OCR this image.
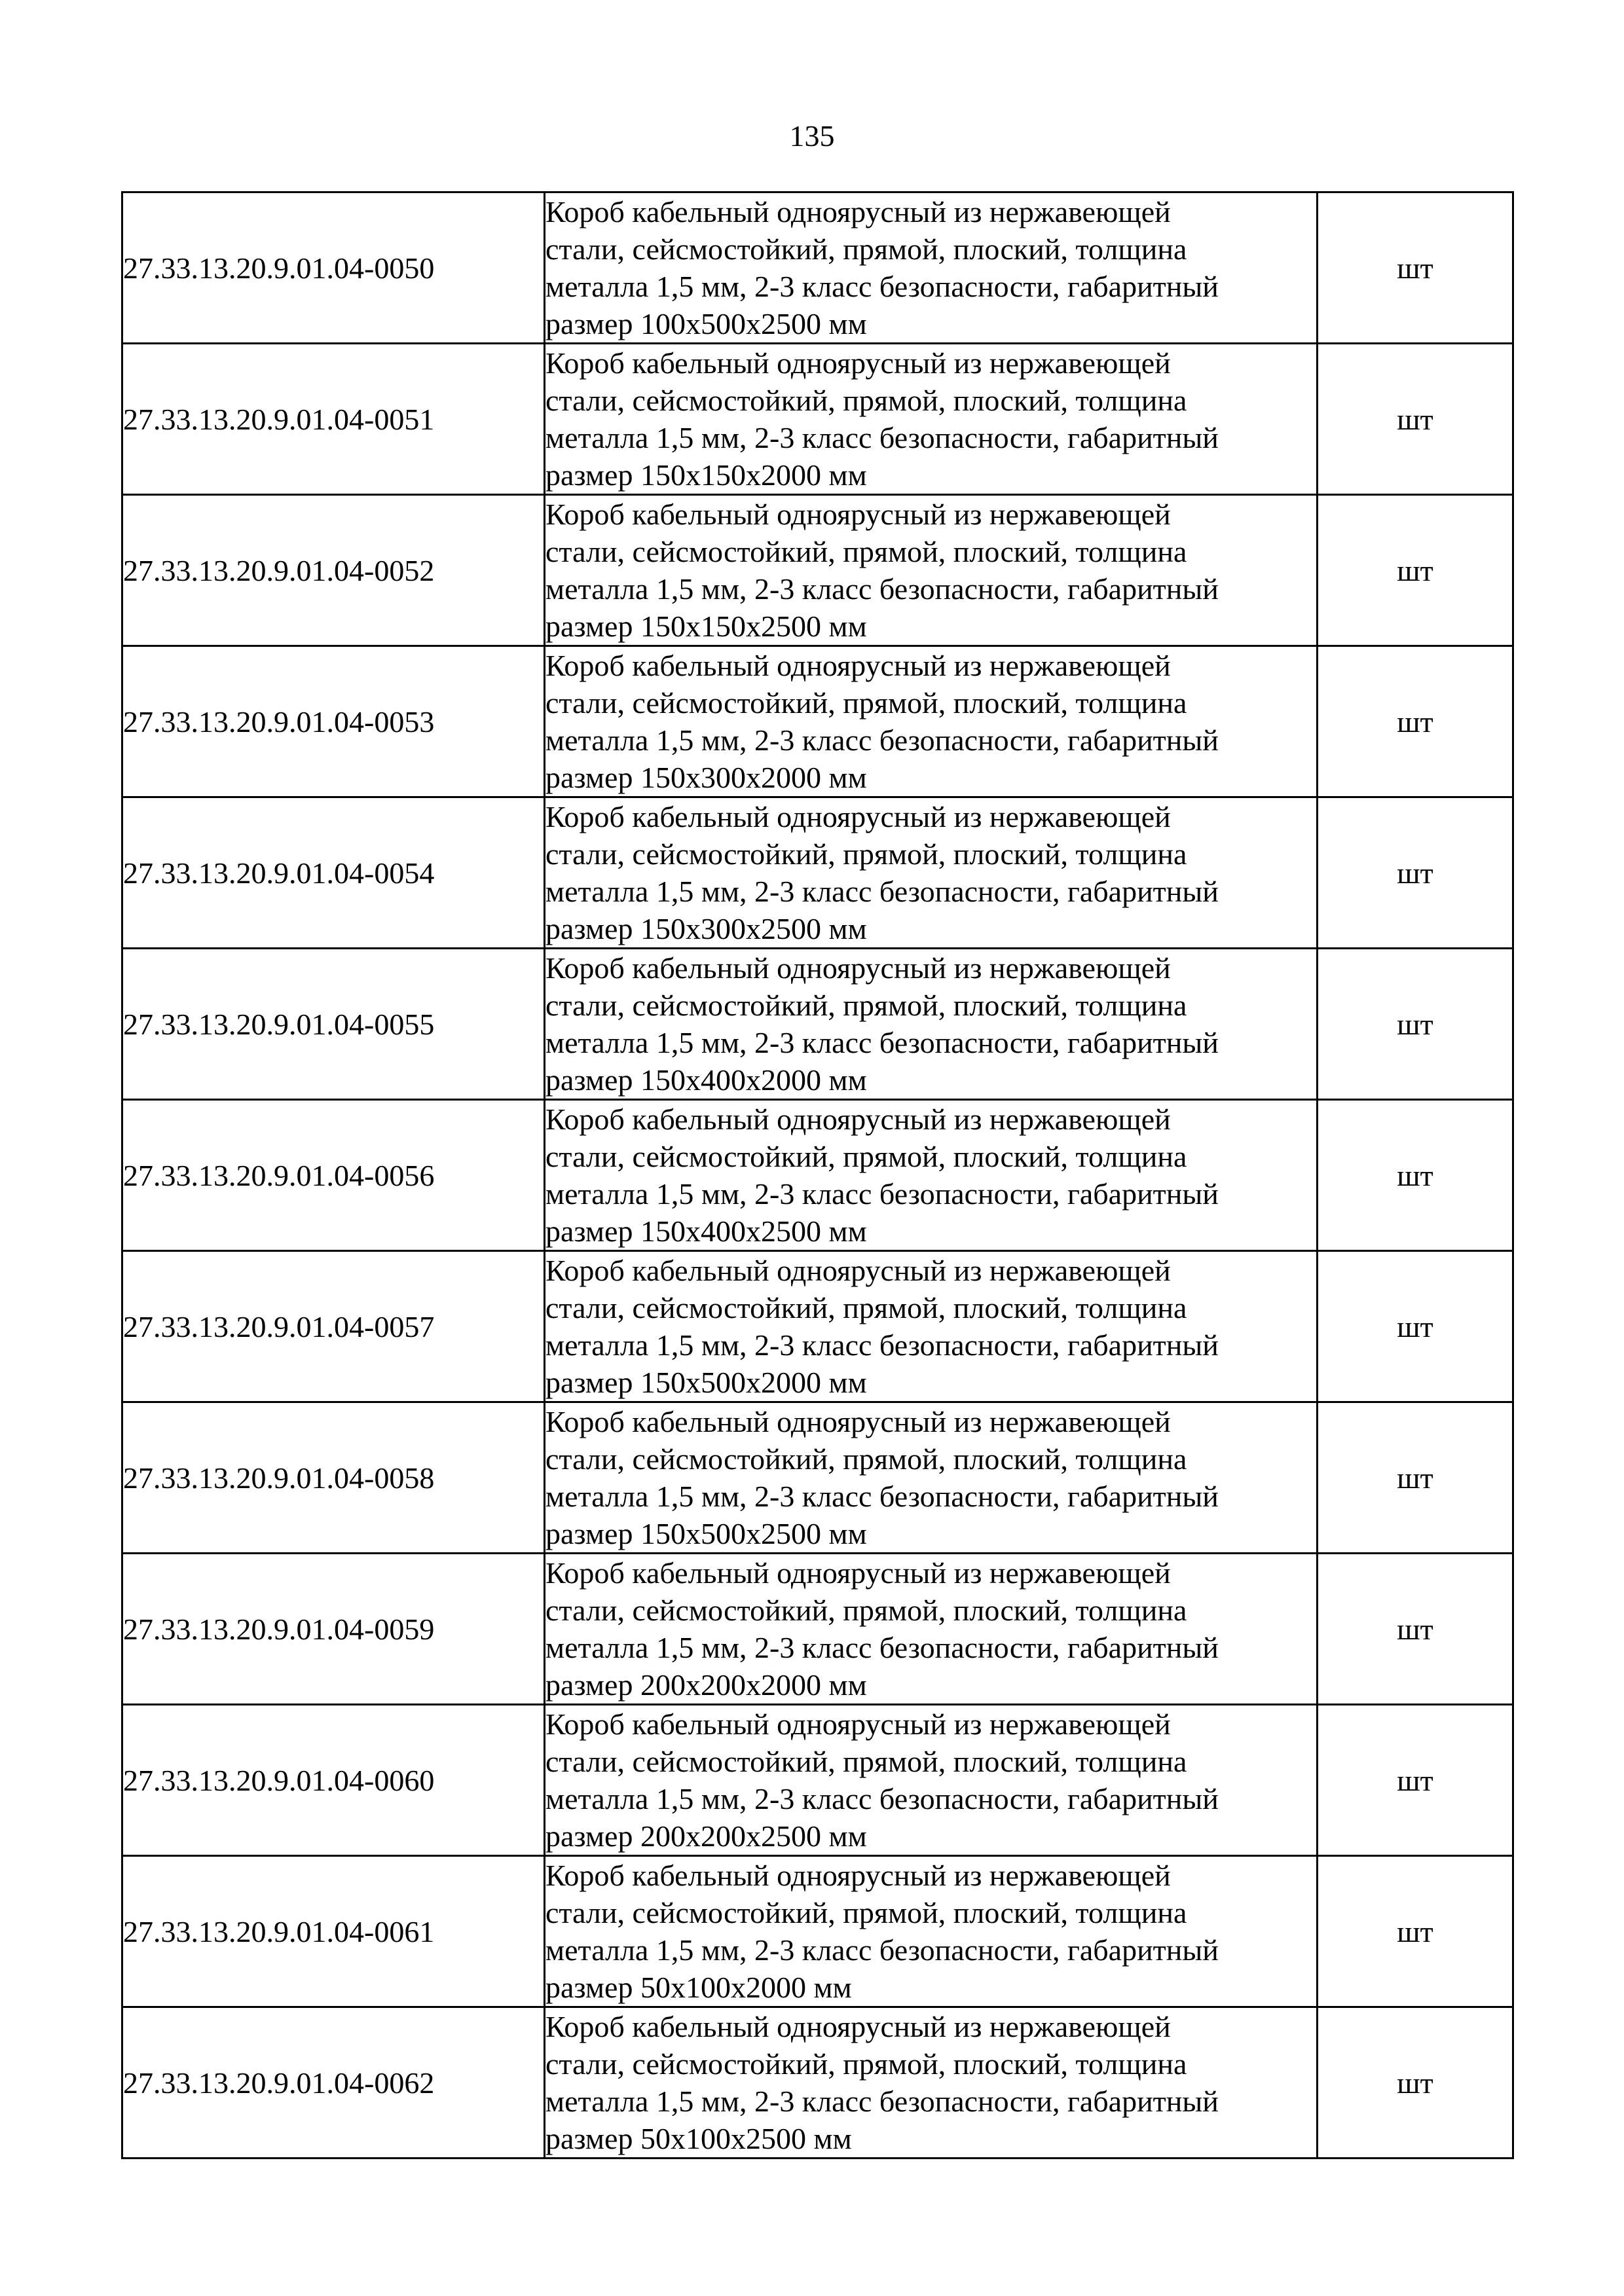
135
27.33.13.20.9.01.04-0050	Короб кабельный одноярусный из нержавеющей
стали, сейсмостойкий, прямой, плоский, толщина
металла 1,5 мм, 2-3 класс безопасности, габаритный
размер 100x500x2500 мм	шт
27.33.13.20.9.01.04-0051	Короб кабельный одноярусный из нержавеющей
стали, сейсмостойкий, прямой, плоский, толщина
металла 1,5 мм, 2-3 класс безопасности, габаритный
размер 150x150x2000 мм	шт
27.33.13.20.9.01.04-0052	Короб кабельный одноярусный из нержавеющей
стали, сейсмостойкий, прямой, плоский, толщина
металла 1,5 мм, 2-3 класс безопасности, габаритный
размер 150x150x2500 мм	шт
27.33.13.20.9.01.04-0053	Короб кабельный одноярусный из нержавеющей
стали, сейсмостойкий, прямой, плоский, толщина
металла 1,5 мм, 2-3 класс безопасности, габаритный
размер 150x300x2000 мм	шт
27.33.13.20.9.01.04-0054	Короб кабельный одноярусный из нержавеющей
стали, сейсмостойкий, прямой, плоский, толщина
металла 1,5 мм, 2-3 класс безопасности, габаритный
размер 150x300x2500 мм	шт
27.33.13.20.9.01.04-0055	Короб кабельный одноярусный из нержавеющей
стали, сейсмостойкий, прямой, плоский, толщина
металла 1,5 мм, 2-3 класс безопасности, габаритный
размер 150x400x2000 мм	шт
27.33.13.20.9.01.04-0056	Короб кабельный одноярусный из нержавеющей
стали, сейсмостойкий, прямой, плоский, толщина
металла 1,5 мм, 2-3 класс безопасности, габаритный
размер 150x400x2500 мм	шт
27.33.13.20.9.01.04-0057	Короб кабельный одноярусный из нержавеющей
стали, сейсмостойкий, прямой, плоский, толщина
металла 1,5 мм, 2-3 класс безопасности, габаритный
размер 150x500x2000 мм	шт
27.33.13.20.9.01.04-0058	Короб кабельный одноярусный из нержавеющей
стали, сейсмостойкий, прямой, плоский, толщина
металла 1,5 мм, 2-3 класс безопасности, габаритный
размер 150x500x2500 мм	шт
27.33.13.20.9.01.04-0059	Короб кабельный одноярусный из нержавеющей
стали, сейсмостойкий, прямой, плоский, толщина
металла 1,5 мм, 2-3 класс безопасности, габаритный
размер 200x200x2000 мм	шт
27.33.13.20.9.01.04-0060	Короб кабельный одноярусный из нержавеющей
стали, сейсмостойкий, прямой, плоский, толщина
металла 1,5 мм, 2-3 класс безопасности, габаритный
размер 200x200x2500 мм	шт
27.33.13.20.9.01.04-0061	Короб кабельный одноярусный из нержавеющей
стали, сейсмостойкий, прямой, плоский, толщина
металла 1,5 мм, 2-3 класс безопасности, габаритный
размер 50x100x2000 мм	шт
27.33.13.20.9.01.04-0062	Короб кабельный одноярусный из нержавеющей
стали, сейсмостойкий, прямой, плоский, толщина
металла 1,5 мм, 2-3 класс безопасности, габаритный
размер 50x100x2500 мм	шт
